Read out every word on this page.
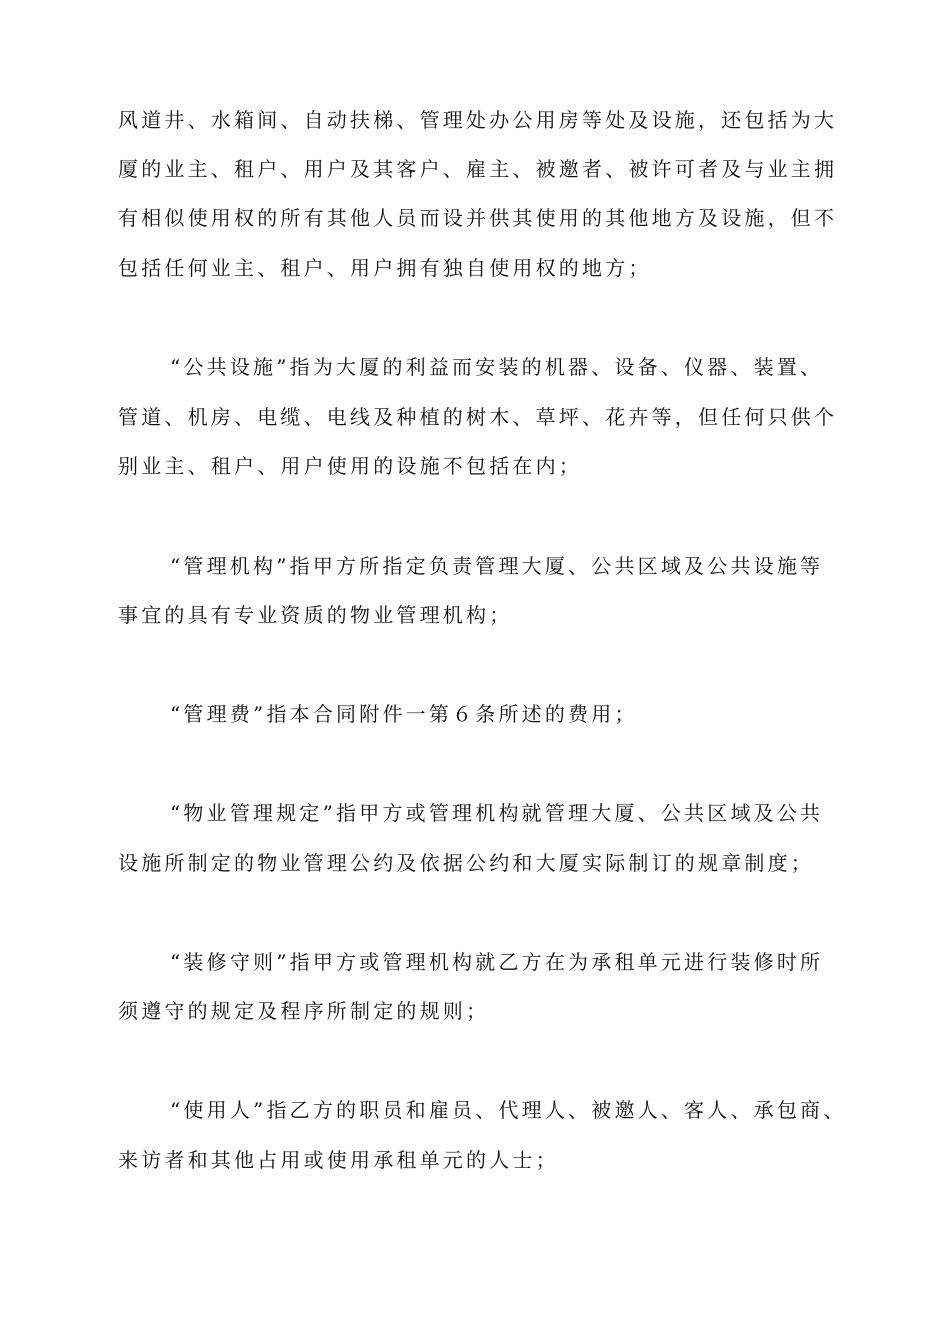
风道井、水箱间、自动扶梯、管理处办公用房等处及设施，还包括为大
厦的业主、租户、用户及其客户、雇主、被邀者、被许可者及与业主拥
有相似使用权的所有其他人员而设并供其使用的其他地方及设施，但不
包括任何业主、租户、用户拥有独自使用权的地方；
“公共设施”指为大厦的利益而安装的机器、设备、仪器、装置、
管道、机房、电缆、电线及种植的树木、草坪、花卉等，但任何只供个
别业主、租户、用户使用的设施不包括在内；
“管理机构”指甲方所指定负责管理大厦、公共区域及公共设施等
事宜的具有专业资质的物业管理机构；
“管理费”指本合同附件一第６条所述的费用；
“物业管理规定”指甲方或管理机构就管理大厦、公共区域及公共
设施所制定的物业管理公约及依据公约和大厦实际制订的规章制度；
“装修守则”指甲方或管理机构就乙方在为承租单元进行装修时所
须遵守的规定及程序所制定的规则；
“使用人”指乙方的职员和雇员、代理人、被邀人、客人、承包商、
来访者和其他占用或使用承租单元的人士；
